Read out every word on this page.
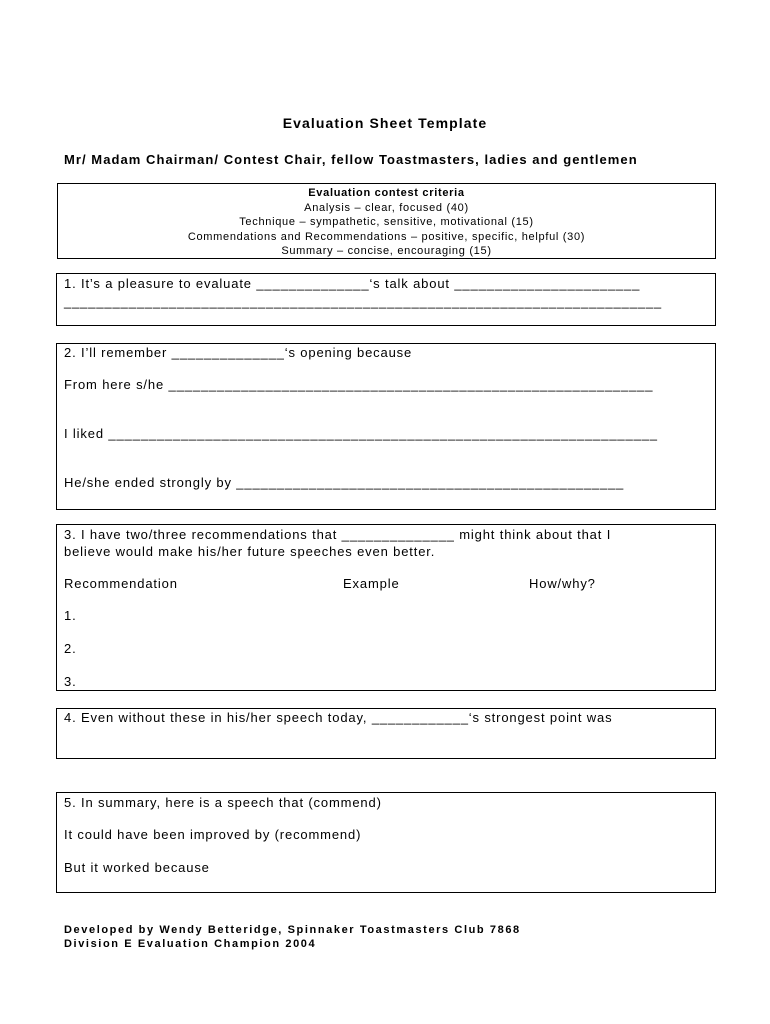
Evaluation Sheet Template
Mr/ Madam Chairman/ Contest Chair, fellow Toastmasters, ladies and gentlemen
Evaluation contest criteria
Analysis – clear, focused (40)
Technique – sympathetic, sensitive, motivational (15)
Commendations and Recommendations – positive, specific, helpful (30)
Summary – concise, encouraging (15)
1. It’s a pleasure to evaluate ______________‘s talk about _______________________
__________________________________________________________________________
2. I’ll remember ______________‘s opening because
From here s/he ____________________________________________________________
I liked ____________________________________________________________________
He/she ended strongly by ________________________________________________
3. I have two/three recommendations that ______________ might think about that I
believe would make his/her future speeches even better.
Recommendation	Example	How/why?
1.
2.
3.
4. Even without these in his/her speech today, ____________‘s strongest point was
5. In summary, here is a speech that (commend)
It could have been improved by (recommend)
But it worked because
Developed by Wendy Betteridge, Spinnaker Toastmasters Club 7868
Division E Evaluation Champion 2004
